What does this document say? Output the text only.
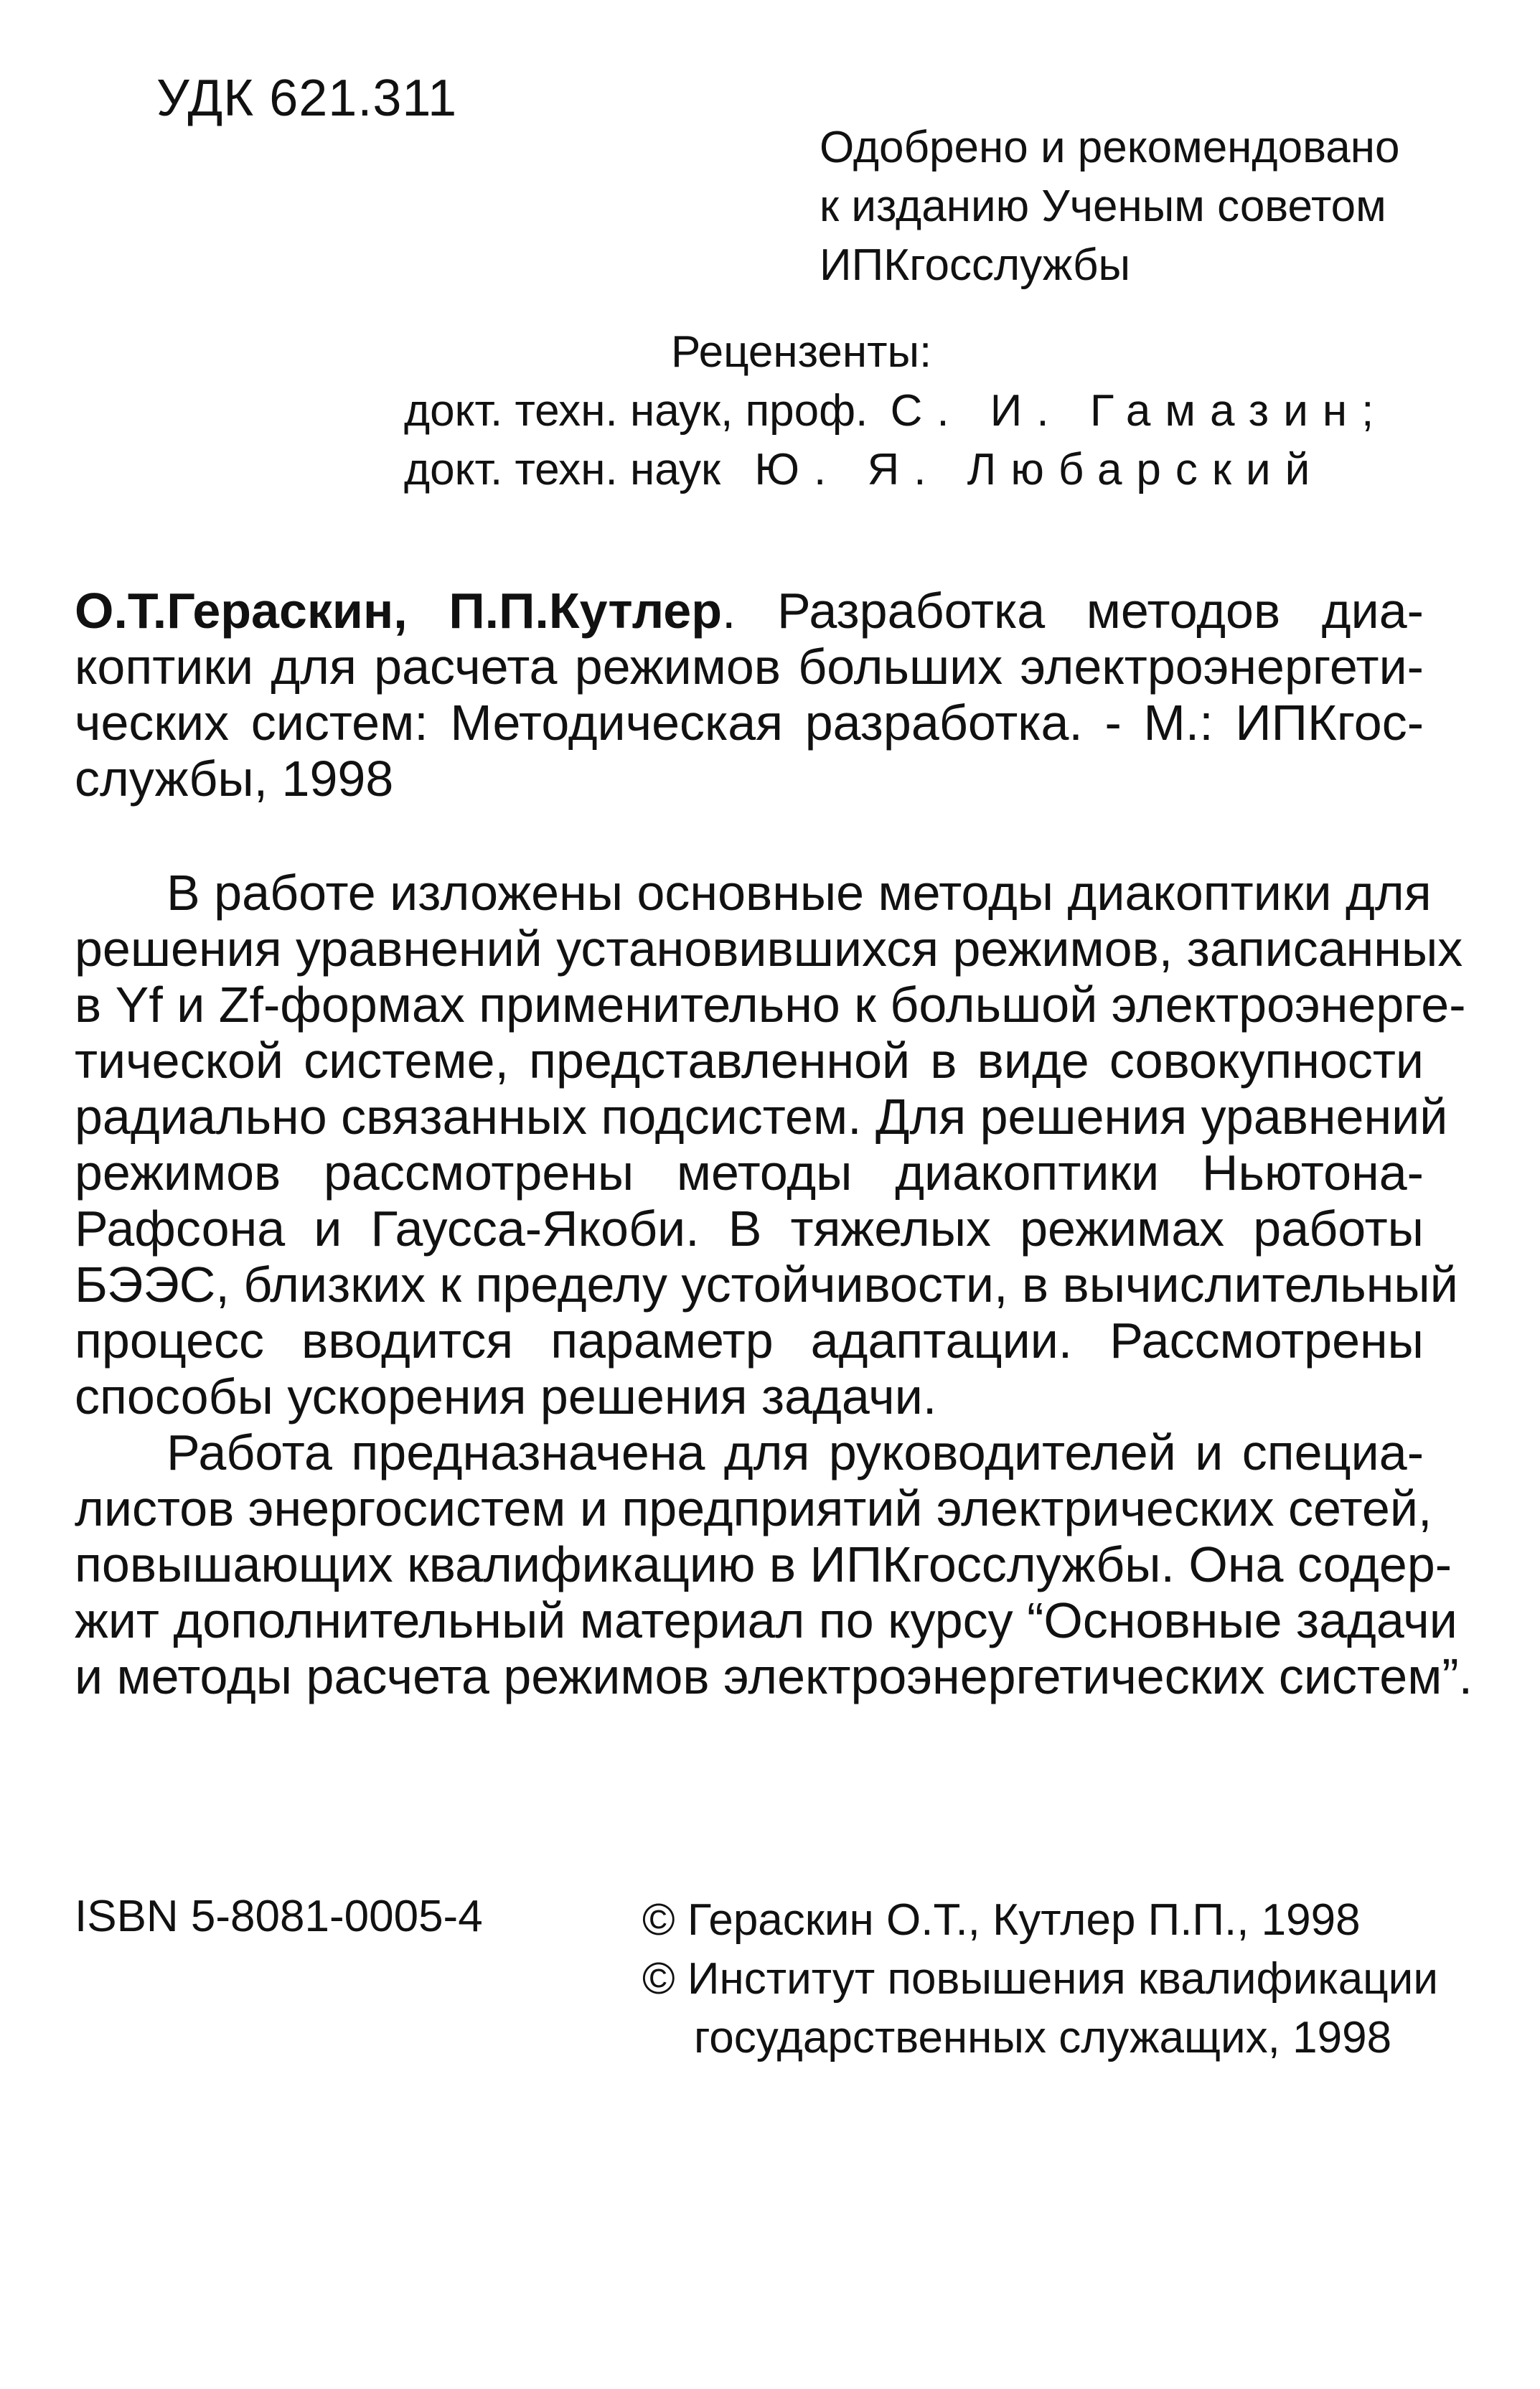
УДК 621.311
Одобрено и рекомендовано
к изданию Ученым советом
ИПКгосслужбы
Рецензенты:
докт. техн. наук, проф. С. И. Гамазин;
докт. техн. наук Ю. Я. Любарский
О.Т.Гераскин, П.П.Кутлер. Разработка методов диа-
коптики для расчета режимов больших электроэнергети-
ческих систем: Методическая разработка. - М.: ИПКгос-
службы, 1998
В работе изложены основные методы диакоптики для
решения уравнений установившихся режимов, записанных
в Yf и Zf-формах применительно к большой электроэнерге-
тической системе, представленной в виде совокупности
радиально связанных подсистем. Для решения уравнений
режимов рассмотрены методы диакоптики Ньютона-
Рафсона и Гаусса-Якоби. В тяжелых режимах работы
БЭЭС, близких к пределу устойчивости, в вычислительный
процесс вводится параметр адаптации. Рассмотрены
способы ускорения решения задачи.
Работа предназначена для руководителей и специа-
листов энергосистем и предприятий электрических сетей,
повышающих квалификацию в ИПКгосслужбы. Она содер-
жит дополнительный материал по курсу “Основные задачи
и методы расчета режимов электроэнергетических систем”.
ISBN 5-8081-0005-4	© Гераскин О.Т., Кутлер П.П., 1998
© Институт повышения квалификации
государственных служащих, 1998
